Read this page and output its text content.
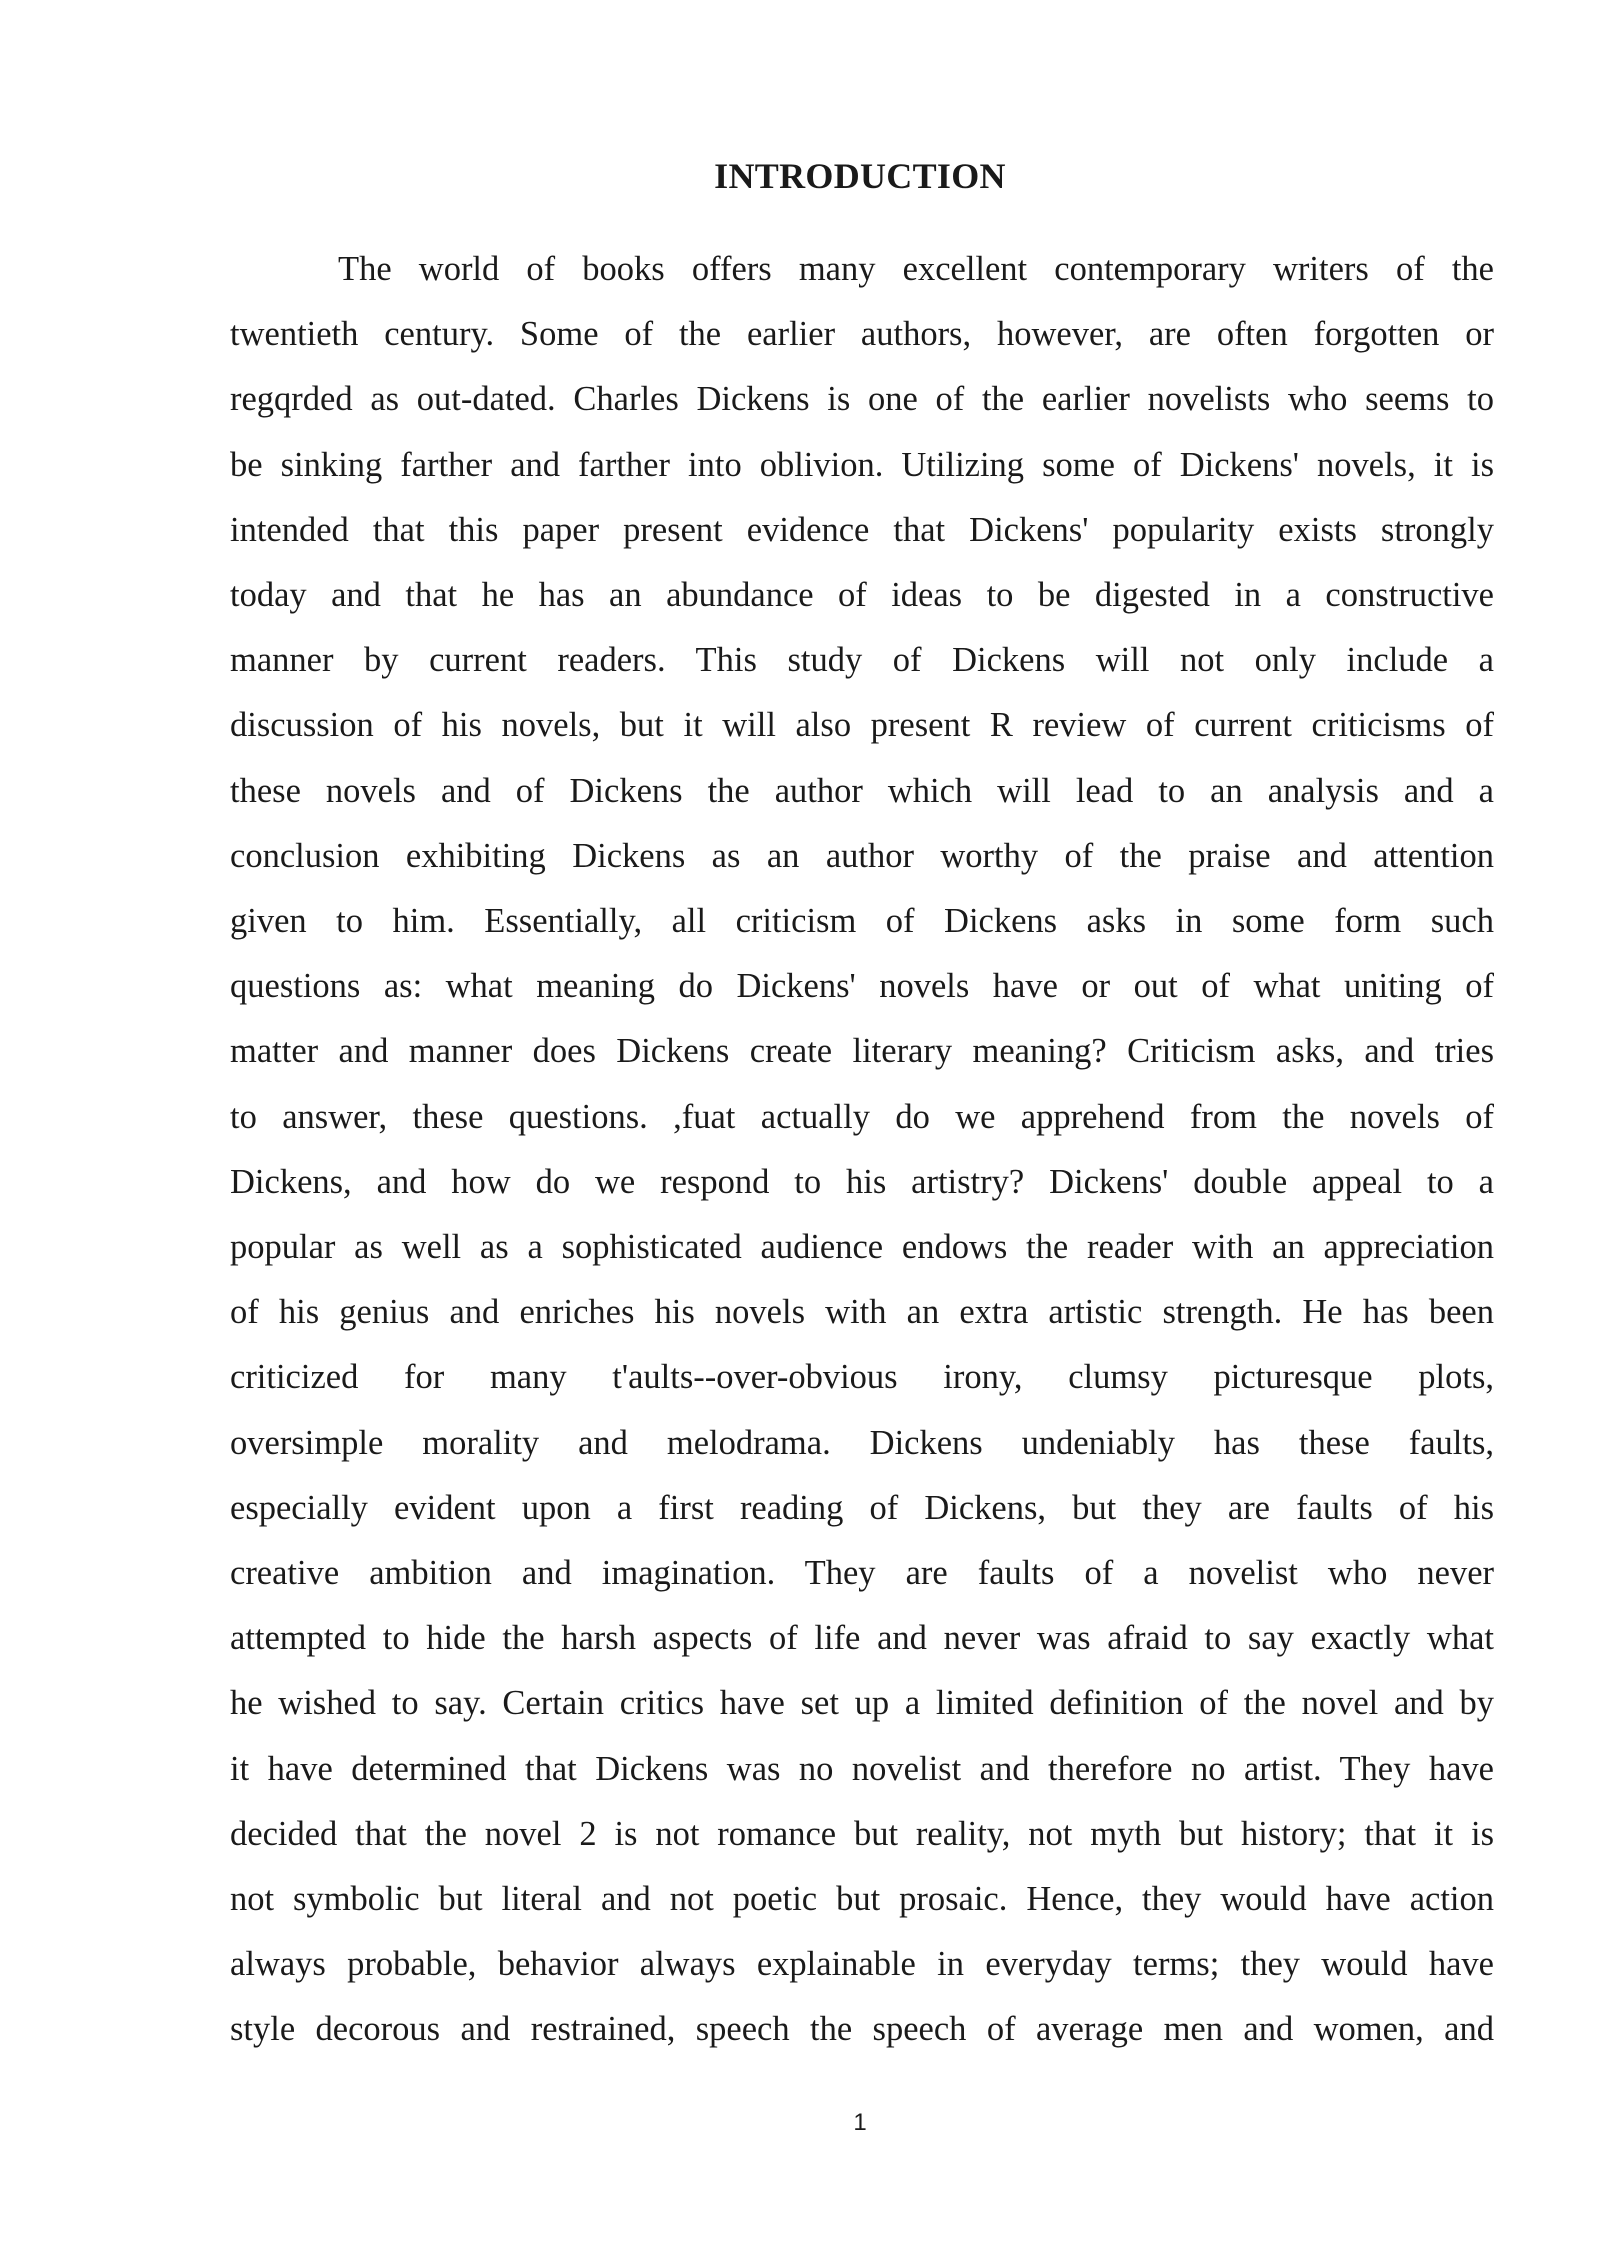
INTRODUCTION
The world of books offers many excellent contemporary writers of the
twentieth century. Some of the earlier authors, however, are often forgotten or
regqrded as out-dated. Charles Dickens is one of the earlier novelists who seems to
be sinking farther and farther into oblivion. Utilizing some of Dickens' novels, it is
intended that this paper present evidence that Dickens' popularity exists strongly
today and that he has an abundance of ideas to be digested in a constructive
manner by current readers. This study of Dickens will not only include a
discussion of his novels, but it will also present R review of current criticisms of
these novels and of Dickens the author which will lead to an analysis and a
conclusion exhibiting Dickens as an author worthy of the praise and attention
given to him. Essentially, all criticism of Dickens asks in some form such
questions as: what meaning do Dickens' novels have or out of what uniting of
matter and manner does Dickens create literary meaning? Criticism asks, and tries
to answer, these questions. ,fuat actually do we apprehend from the novels of
Dickens, and how do we respond to his artistry? Dickens' double appeal to a
popular as well as a sophisticated audience endows the reader with an appreciation
of his genius and enriches his novels with an extra artistic strength. He has been
criticized for many t'aults--over-obvious irony, clumsy picturesque plots,
oversimple morality and melodrama. Dickens undeniably has these faults,
especially evident upon a first reading of Dickens, but they are faults of his
creative ambition and imagination. They are faults of a novelist who never
attempted to hide the harsh aspects of life and never was afraid to say exactly what
he wished to say. Certain critics have set up a limited definition of the novel and by
it have determined that Dickens was no novelist and therefore no artist. They have
decided that the novel 2 is not romance but reality, not myth but history; that it is
not symbolic but literal and not poetic but prosaic. Hence, they would have action
always probable, behavior always explainable in everyday terms; they would have
style decorous and restrained, speech the speech of average men and women, and
1
